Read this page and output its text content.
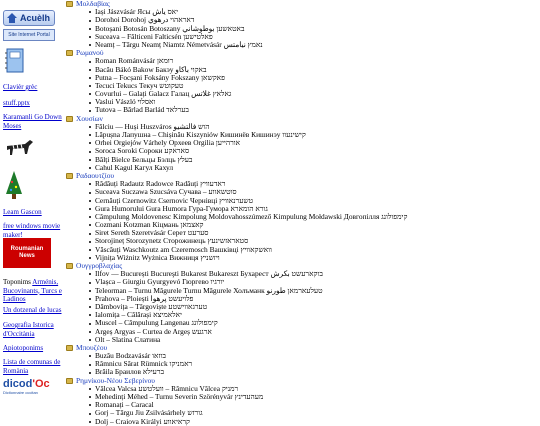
Acuèlh
Site Internet Portal
Clavièr grèc
stuff.pptx
Karamanli Go Down Moses
Leam Gascon
free windows movie maker!
Roumanian News
Toponims Arménis, Bucovinants, Turcs e Ladinos
Un dotzenal de lucas
Geografia Istorica d'Occitània
Apiotoponims
Lista de comunas de Romània
dicod'Oc
Dictionnaire occitan
Μολδαβίας
Iași Jászvásár Ясы יאס ياش
Dorohoi Dorohoj דאראהוי درهوي
Botoșani Botosán Botoszany באטאשען بوطوشاني
Suceava – Fălticeni Falticsén פאלטישען
Neamț – Târgu Neamț Niamtz Németvásár נאמץ نيامتس
Ρωμανού
Roman Románvásár רוּמאן
Bacău Bákó Bakow Бакэу באקוי باكاو
Putna – Focșani Foksány Fokszany פאקשאן
Tecuci Tekucs Текуч טעקוטש
Covurlui – Galați Galacz Галац גאלאץ غلاتس
Vaslui Vászló ואסלוי
Tutova – Bârlad Barlád בערלאד
Χουσίων
Fălciu — Huși Huszváros הוש فالتشيو
Lăpușna Лапушна – Chișinău Kiszyniów Кишинёв Кишинэу קישינעוו
Orhei Orgiejów Várhely Oрхеев Orgilia אורהייען
Soroca Soroki Сороки סאראקע
Bălți Bielce Бельцы Бэлць בעלץ
Cahul Kagul Кагул Кахул
Ραδαουτζίου
Rădăuți Radautz Radowce Radăuți ראדעוויץ
Suceava Suczawa Szucsáva Сучава – סוטשאווע
Cernăuți Czernowitz Csernovic Чернівці טשערנאוויץ
Gura Humorului Gura Humora Гура-Гумора גורא הומארא
Câmpulung Moldovenesc Kimpolung Moldovahosszúmező Kimpulung Mołdawski Довгопілля קימפולונג
Cozmani Kotzman Кіцмань קאצמאן
Siret Sereth Szeretvásár Серет סערעט
Storojineț Storozynetz Сторожинець סטאראזשינעץ
Văscăuți Waschkoutz am Czeremosch Вашківці וואשקאוויץ
Vijnița Wiżnitz Wyżnica Вижниця ויזשניץ
Ουγγροβλαχίας
Ilfov — București Bucureşti Bukarest Bukareszt Бухарест בוקארעשט بكرش
Vlașca – Giurgiu Gyurgyevó Гюргево יורגיו
Teleorman – Turnu Măgurele Turnu Măgurele Холъманк טעלעארמאן طورنو
Prahova – Ploiești פלויעשט پرهوا
Dâmbovița – Târgoviște טערגאווישטע
Ialomița – Călărași יאלאמיצא
Muscel – Câmpulung Langenau קימפולונג
Argeș Argyas – Curtea de Argeș ארגעש
Olt – Slatina Слатина
Μπουζέου
Buzău Bodzavásár בוזאו
Râmnicu Sărat Rümnick ראמניקו
Brăila Браилов ברעילא
Ρημνίκου-Νέου Σεβερίνου
Vâlcea Valcsa וועלטשע – Râmnicu Vâlcea רמניק
Mehedinți Méhed – Turnu Severin Szörényvár מעהעדינץ
Romanați – Caracal
Gorj – Târgu Jiu Zsilvásárhely גורזש
Dolj – Craiova Királyi קראיאווע
